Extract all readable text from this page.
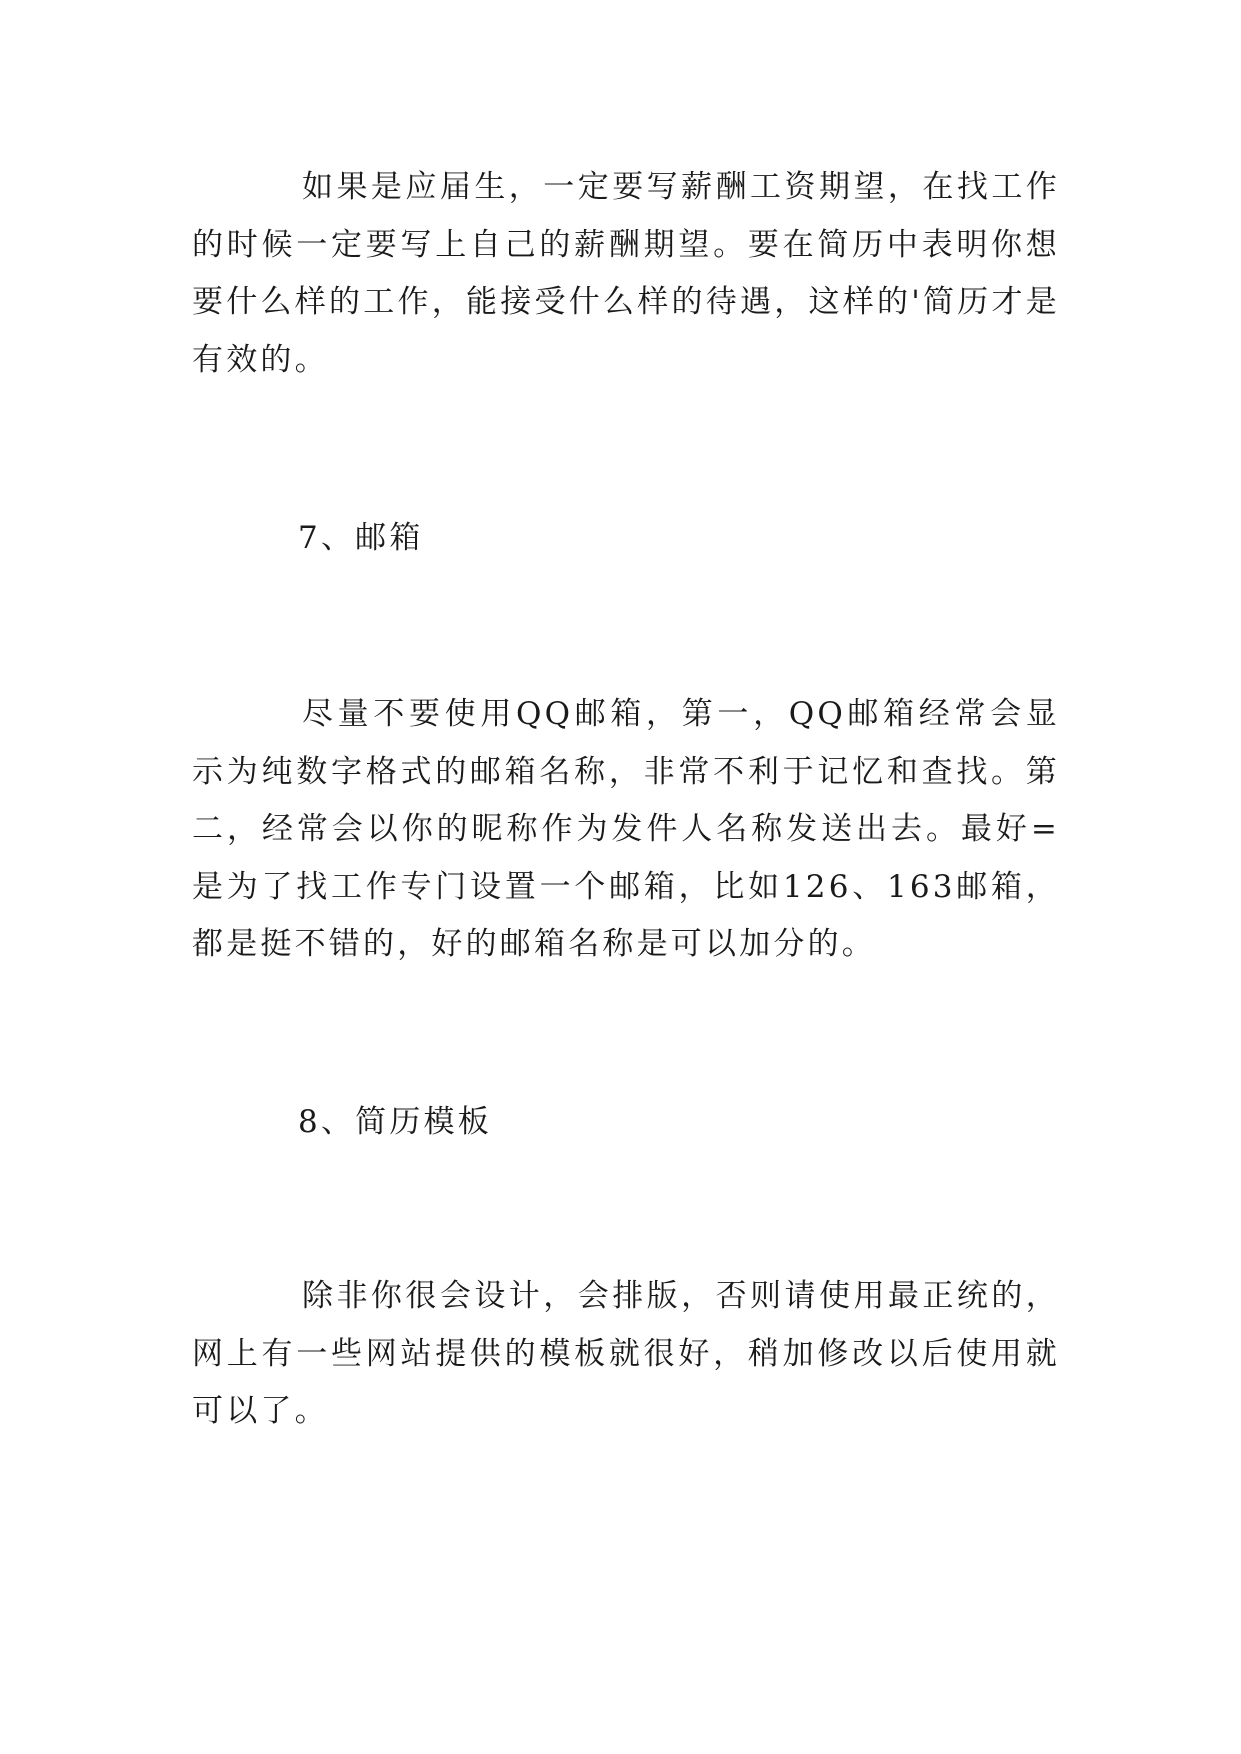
如果是应届生，一定要写薪酬工资期望，在找工作的时候一定要写上自己的薪酬期望。要在简历中表明你想要什么样的工作，能接受什么样的待遇，这样的'简历才是有效的。

7、邮箱

尽量不要使用QQ邮箱，第一，QQ邮箱经常会显示为纯数字格式的邮箱名称，非常不利于记忆和查找。第二，经常会以你的昵称作为发件人名称发送出去。最好=是为了找工作专门设置一个邮箱，比如126、163邮箱，都是挺不错的，好的邮箱名称是可以加分的。

8、简历模板

除非你很会设计，会排版，否则请使用最正统的，网上有一些网站提供的模板就很好，稍加修改以后使用就可以了。
